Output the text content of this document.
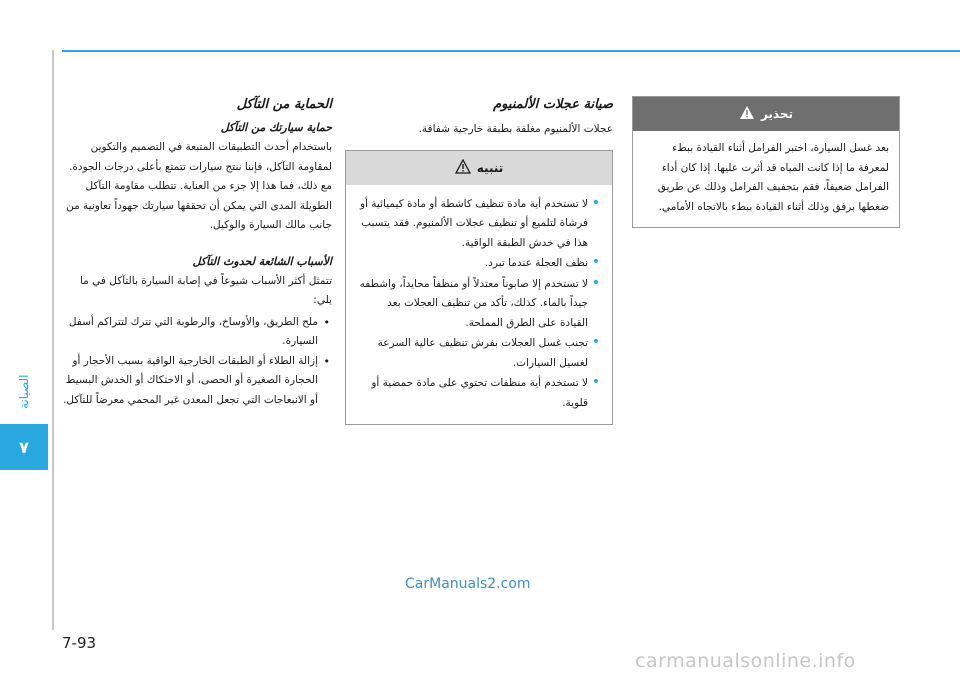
الصيانة
٧
الحماية من التآكل
حماية سيارتك من التآكل

باستخدام أحدث التطبيقات المتبعة في التصميم والتكوين لمقاومة التآكل، فإننا ننتج سيارات تتمتع بأعلى درجات الجودة. مع ذلك، فما هذا إلا جزء من العناية. تتطلب مقاومة التآكل الطويلة المدى التي يمكن أن تحققها سيارتك جهوداً تعاونية من جانب مالك السيارة والوكيل.

الأسباب الشائعة لحدوث التآكل

تتمثل أكثر الأسباب شيوعاً في إصابة السيارة بالتآكل في ما يلي:

• ملح الطريق، والأوساخ، والرطوبة التي تترك لتتراكم أسفل السيارة.
• إزالة الطلاء أو الطبقات الخارجية الواقية بسبب الأحجار أو الحجارة الصغيرة أو الحصى، أو الاحتكاك أو الخدش البسيط أو الانبعاجات التي تجعل المعدن غير المحمي معرضاً للتآكل.
صيانة عجلات الألمنيوم

عجلات الألمنيوم مغلفة بطبقة خارجية شفافة.

تنبيه
• لا تستخدم أية مادة تنظيف كاشطة أو مادة كيميائية أو فرشاة لتلميع أو تنظيف عجلات الألمنيوم. فقد يتسبب هذا في خدش الطبقة الواقية.
• نظف العجلة عندما تبرد.
• لا تستخدم إلا صابوناً معتدلاً أو منظفاً محايداً، واشطفه جيداً بالماء. كذلك، تأكد من تنظيف العجلات بعد القيادة على الطرق المملحة.
• تجنب غسل العجلات بفرش تنظيف عالية السرعة لغسيل السيارات.
• لا تستخدم أية منظفات تحتوي على مادة حمضية أو قلوية.
تحذير

بعد غسل السيارة، اختبر الفرامل أثناء القيادة ببطء لمعرفة ما إذا كانت المياه قد أثرت عليها. إذا كان أداء الفرامل ضعيفاً، فقم بتجفيف الفرامل وذلك عن طريق ضغطها برفق وذلك أثناء القيادة ببطء بالاتجاه الأمامي.

CarManuals2.com
7-93
carmanualsonline.info
